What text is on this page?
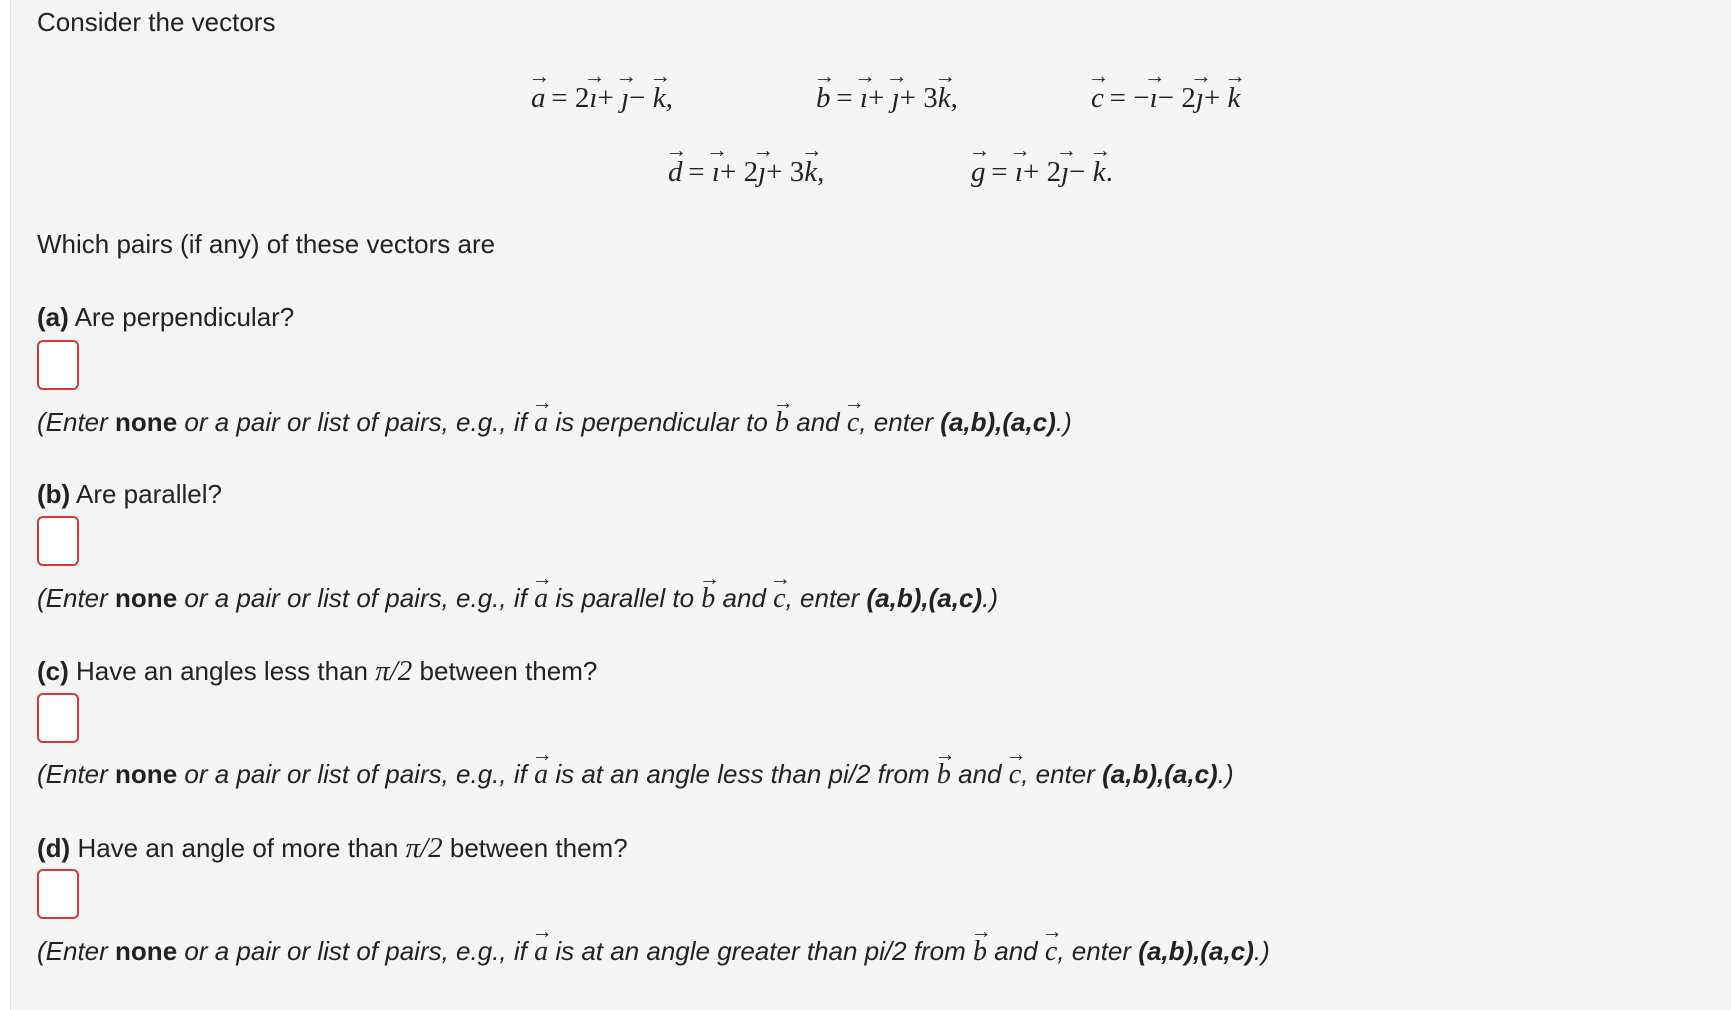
Consider the vectors
→ a = 2→ ı+ → ȷ− → k,	→ b = → ı+ → ȷ+ 3→ k,	→ c = −→ ı− 2→ ȷ+ → k
→ d = → ı+ 2→ ȷ+ 3→ k,	→ g = → ı+ 2→ ȷ− → k.
Which pairs (if any) of these vectors are
(a) Are perpendicular?
(Enter none or a pair or list of pairs, e.g., if → a is perpendicular to → b and → c, enter (a,b),(a,c).)
(b) Are parallel?
(Enter none or a pair or list of pairs, e.g., if → a is parallel to → b and → c, enter (a,b),(a,c).)
(c) Have an angles less than π/2 between them?
(Enter none or a pair or list of pairs, e.g., if → a is at an angle less than pi/2 from → b and → c, enter (a,b),(a,c).)
(d) Have an angle of more than π/2 between them?
(Enter none or a pair or list of pairs, e.g., if → a is at an angle greater than pi/2 from → b and → c, enter (a,b),(a,c).)
